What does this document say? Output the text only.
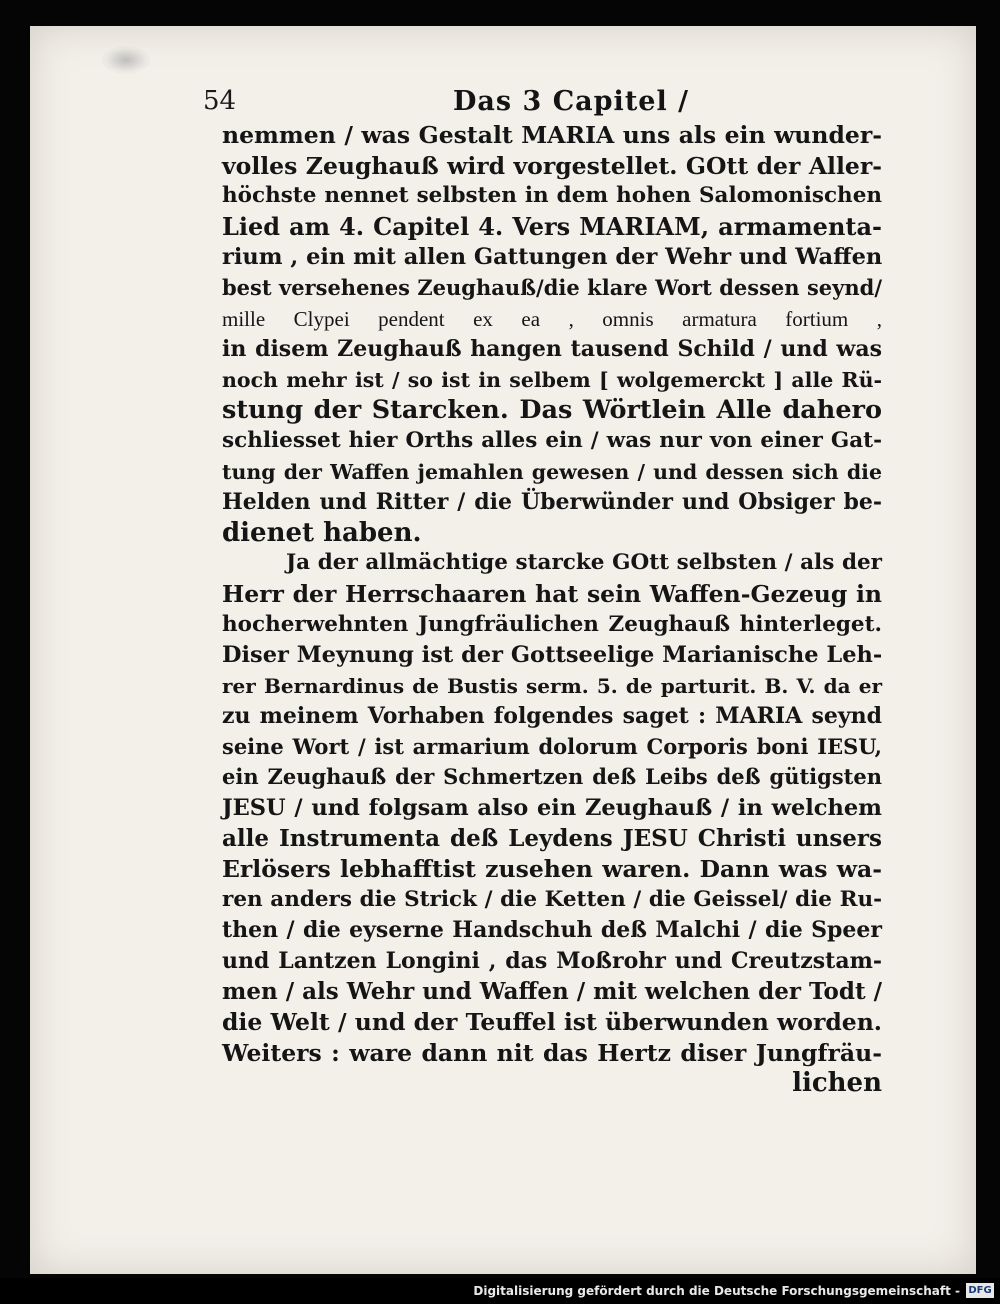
54	Das 3 Capitel /
nemmen / was Gestalt MARIA uns als ein wunder-
volles Zeughauß wird vorgestellet. GOtt der Aller-
höchste nennet selbsten in dem hohen Salomonischen
Lied am 4. Capitel 4. Vers MARIAM, armamenta-
rium , ein mit allen Gattungen der Wehr und Waffen
best versehenes Zeughauß/die klare Wort dessen seynd/
mille Clypei pendent ex ea , omnis armatura fortium ,
in disem Zeughauß hangen tausend Schild / und was
noch mehr ist / so ist in selbem [ wolgemerckt ] alle Rü-
stung der Starcken. Das Wörtlein Alle dahero
schliesset hier Orths alles ein / was nur von einer Gat-
tung der Waffen jemahlen gewesen / und dessen sich die
Helden und Ritter / die Überwünder und Obsiger be-
dienet haben.
Ja der allmächtige starcke GOtt selbsten / als der
Herr der Herrschaaren hat sein Waffen-Gezeug in
hocherwehnten Jungfräulichen Zeughauß hinterleget.
Diser Meynung ist der Gottseelige Marianische Leh-
rer Bernardinus de Bustis serm. 5. de parturit. B. V. da er
zu meinem Vorhaben folgendes saget : MARIA seynd
seine Wort / ist armarium dolorum Corporis boni IESU,
ein Zeughauß der Schmertzen deß Leibs deß gütigsten
JESU / und folgsam also ein Zeughauß / in welchem
alle Instrumenta deß Leydens JESU Christi unsers
Erlösers lebhafftist zusehen waren. Dann was wa-
ren anders die Strick / die Ketten / die Geissel/ die Ru-
then / die eyserne Handschuh deß Malchi / die Speer
und Lantzen Longini , das Moßrohr und Creutzstam-
men / als Wehr und Waffen / mit welchen der Todt /
die Welt / und der Teuffel ist überwunden worden.
Weiters : ware dann nit das Hertz diser Jungfräu-
lichen
Digitalisierung gefördert durch die Deutsche Forschungsgemeinschaft - DFG
